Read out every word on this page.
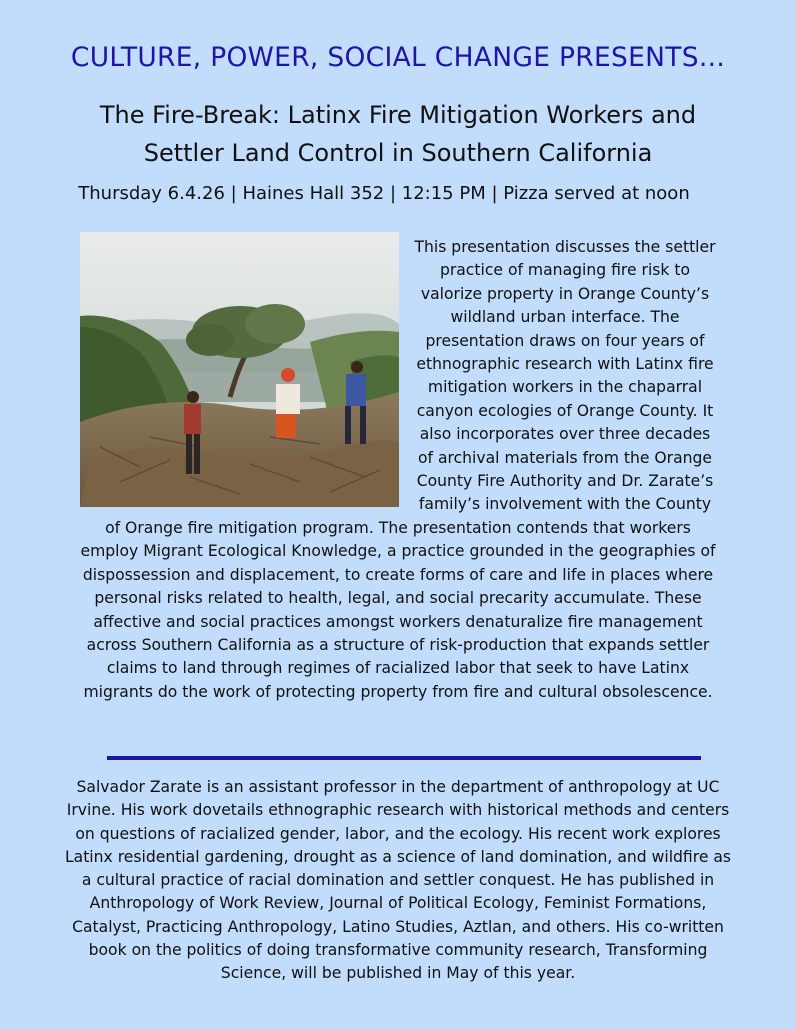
CULTURE, POWER, SOCIAL CHANGE PRESENTS...
The Fire-Break: Latinx Fire Mitigation Workers and Settler Land Control in Southern California
Thursday 6.4.26 | Haines Hall 352 | 12:15 PM | Pizza served at noon

This presentation discusses the settler practice of managing fire risk to valorize property in Orange County’s wildland urban interface. The presentation draws on four years of ethnographic research with Latinx fire mitigation workers in the chaparral canyon ecologies of Orange County. It also incorporates over three decades of archival materials from the Orange County Fire Authority and Dr. Zarate’s family’s involvement with the County of Orange fire mitigation program. The presentation contends that workers employ Migrant Ecological Knowledge, a practice grounded in the geographies of dispossession and displacement, to create forms of care and life in places where personal risks related to health, legal, and social precarity accumulate. These affective and social practices amongst workers denaturalize fire management across Southern California as a structure of risk-production that expands settler claims to land through regimes of racialized labor that seek to have Latinx migrants do the work of protecting property from fire and cultural obsolescence.

Salvador Zarate is an assistant professor in the department of anthropology at UC Irvine. His work dovetails ethnographic research with historical methods and centers on questions of racialized gender, labor, and the ecology. His recent work explores Latinx residential gardening, drought as a science of land domination, and wildfire as a cultural practice of racial domination and settler conquest. He has published in Anthropology of Work Review, Journal of Political Ecology, Feminist Formations, Catalyst, Practicing Anthropology, Latino Studies, Aztlan, and others. His co-written book on the politics of doing transformative community research, Transforming Science, will be published in May of this year.
